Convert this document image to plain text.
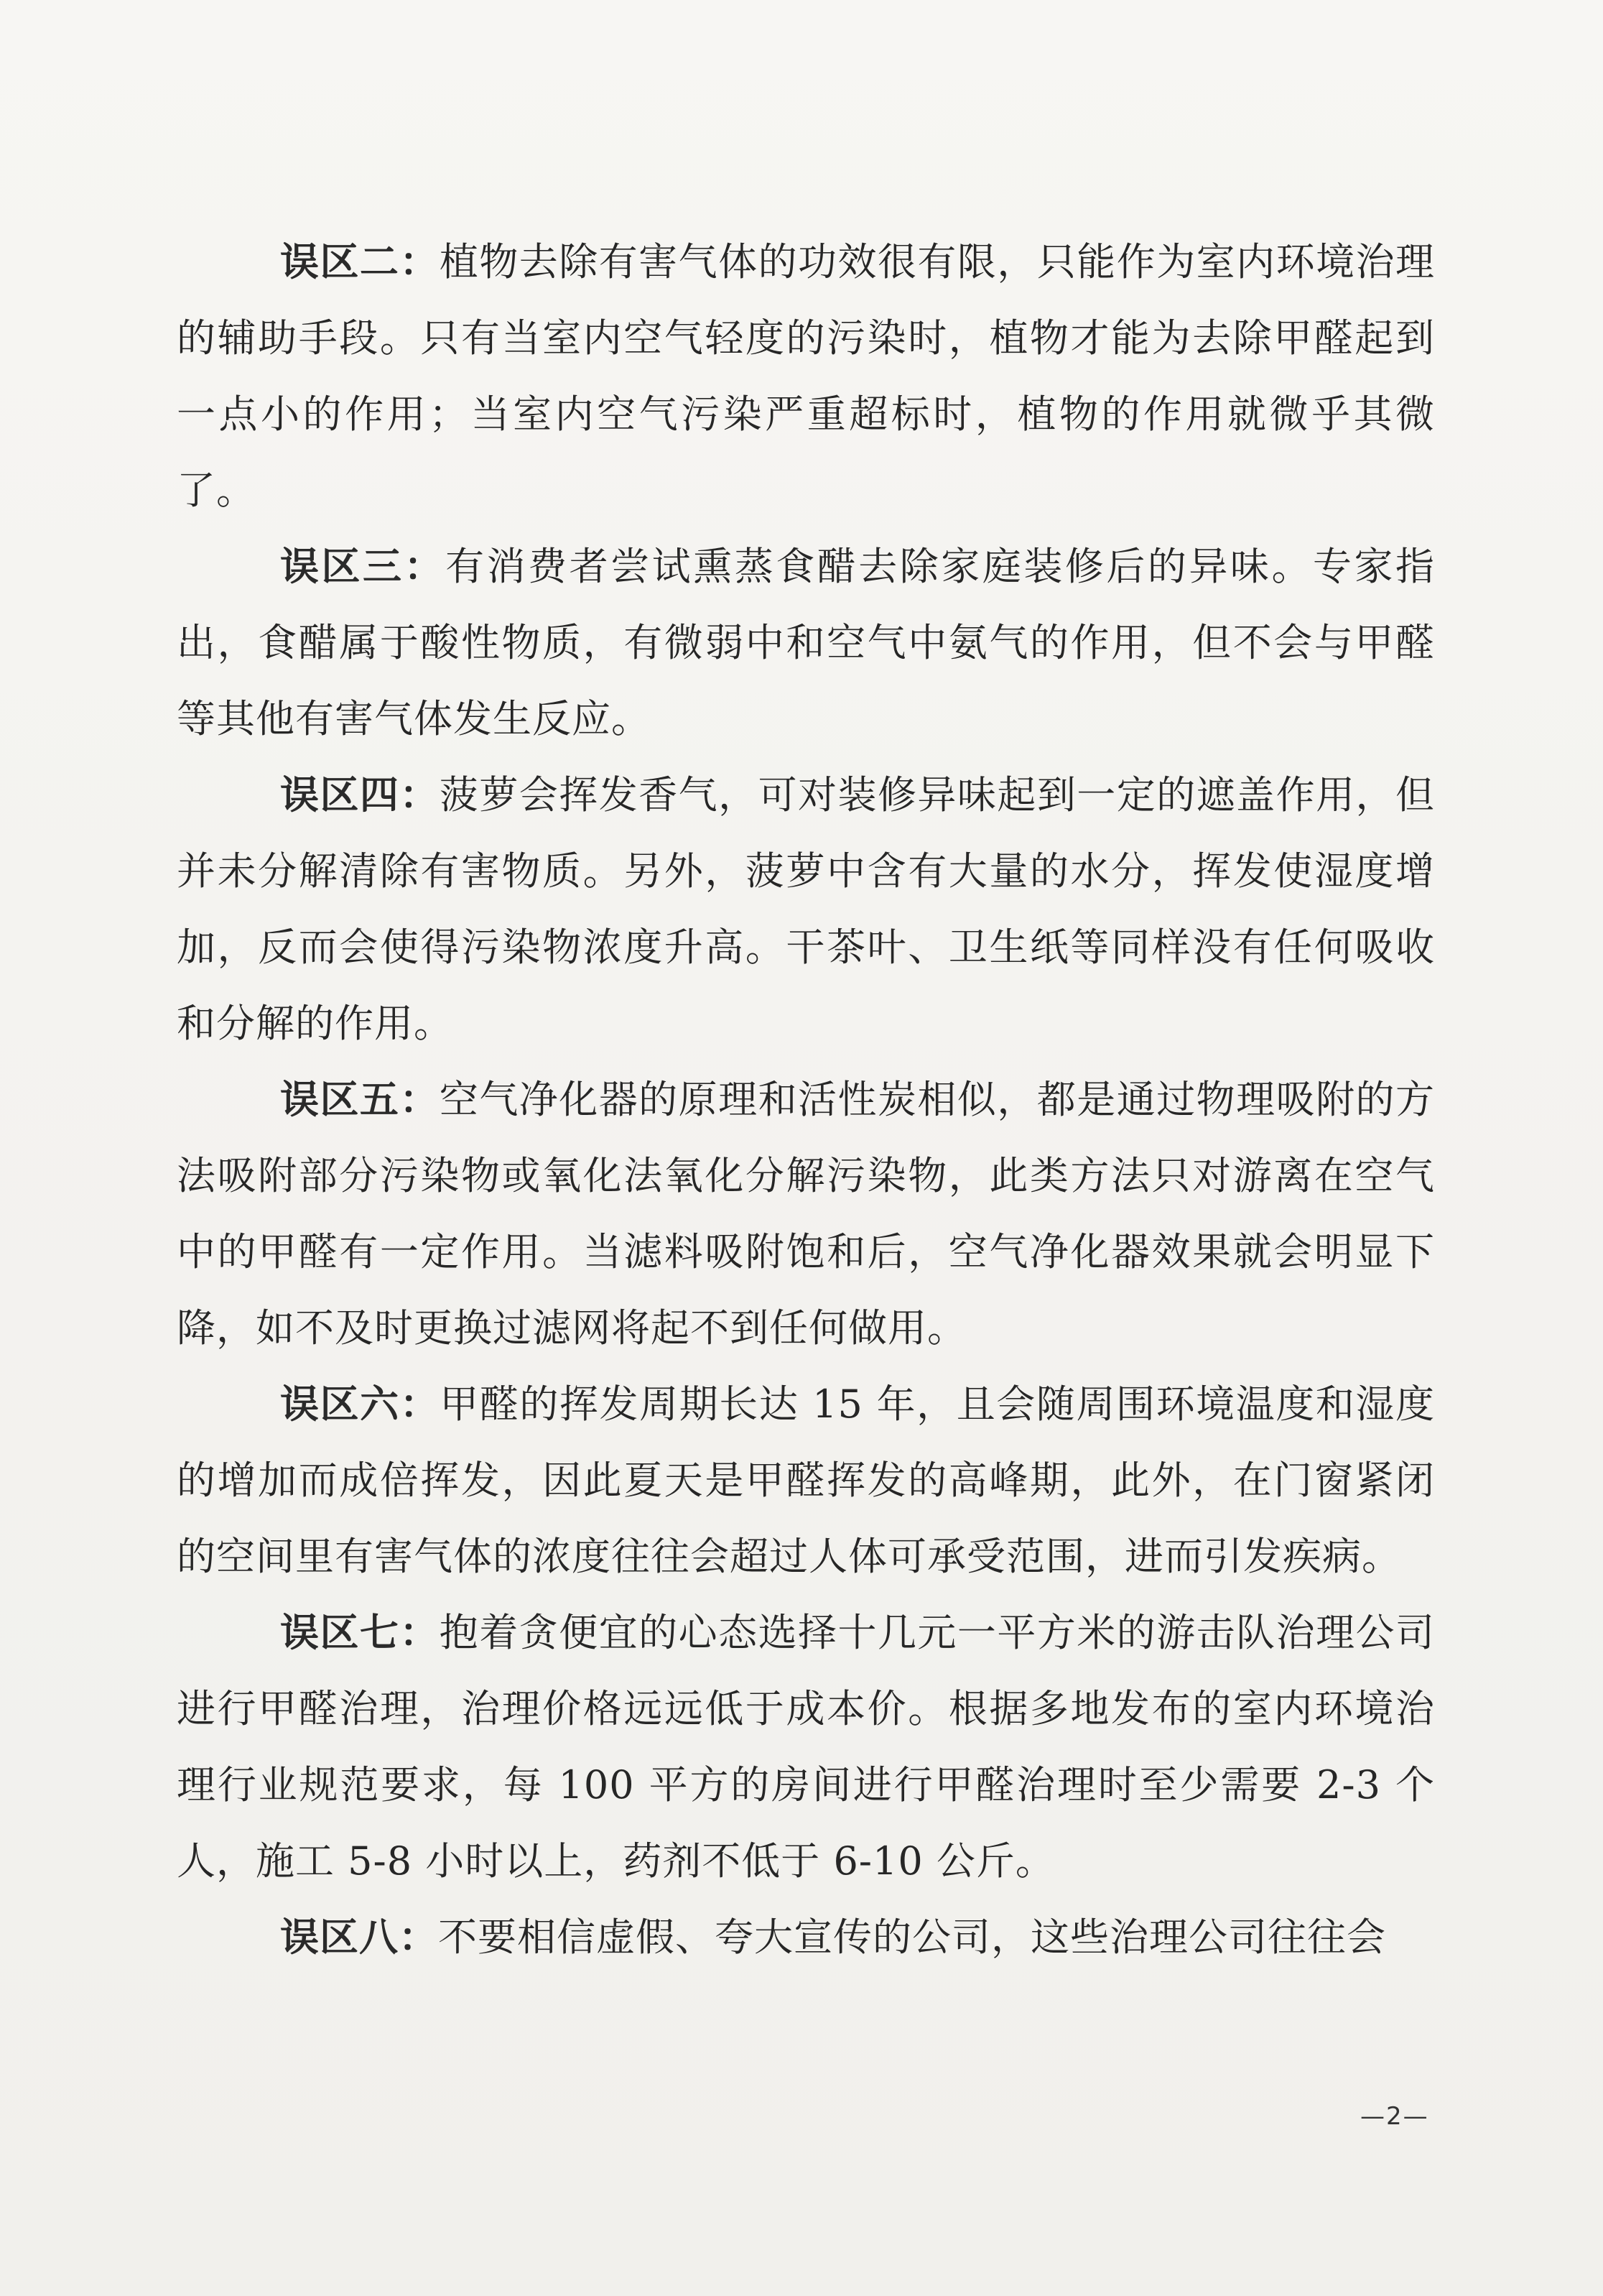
误区二：植物去除有害气体的功效很有限，只能作为室内环境治理的辅助手段。只有当室内空气轻度的污染时，植物才能为去除甲醛起到一点小的作用；当室内空气污染严重超标时，植物的作用就微乎其微了。

误区三：有消费者尝试熏蒸食醋去除家庭装修后的异味。专家指出，食醋属于酸性物质，有微弱中和空气中氨气的作用，但不会与甲醛等其他有害气体发生反应。

误区四：菠萝会挥发香气，可对装修异味起到一定的遮盖作用，但并未分解清除有害物质。另外，菠萝中含有大量的水分，挥发使湿度增加，反而会使得污染物浓度升高。干茶叶、卫生纸等同样没有任何吸收和分解的作用。

误区五：空气净化器的原理和活性炭相似，都是通过物理吸附的方法吸附部分污染物或氧化法氧化分解污染物，此类方法只对游离在空气中的甲醛有一定作用。当滤料吸附饱和后，空气净化器效果就会明显下降，如不及时更换过滤网将起不到任何做用。

误区六：甲醛的挥发周期长达 15 年，且会随周围环境温度和湿度的增加而成倍挥发，因此夏天是甲醛挥发的高峰期，此外，在门窗紧闭的空间里有害气体的浓度往往会超过人体可承受范围，进而引发疾病。

误区七：抱着贪便宜的心态选择十几元一平方米的游击队治理公司进行甲醛治理，治理价格远远低于成本价。根据多地发布的室内环境治理行业规范要求，每 100 平方的房间进行甲醛治理时至少需要 2-3 个人，施工 5-8 小时以上，药剂不低于 6-10 公斤。

误区八：不要相信虚假、夸大宣传的公司，这些治理公司往往会

—2—
